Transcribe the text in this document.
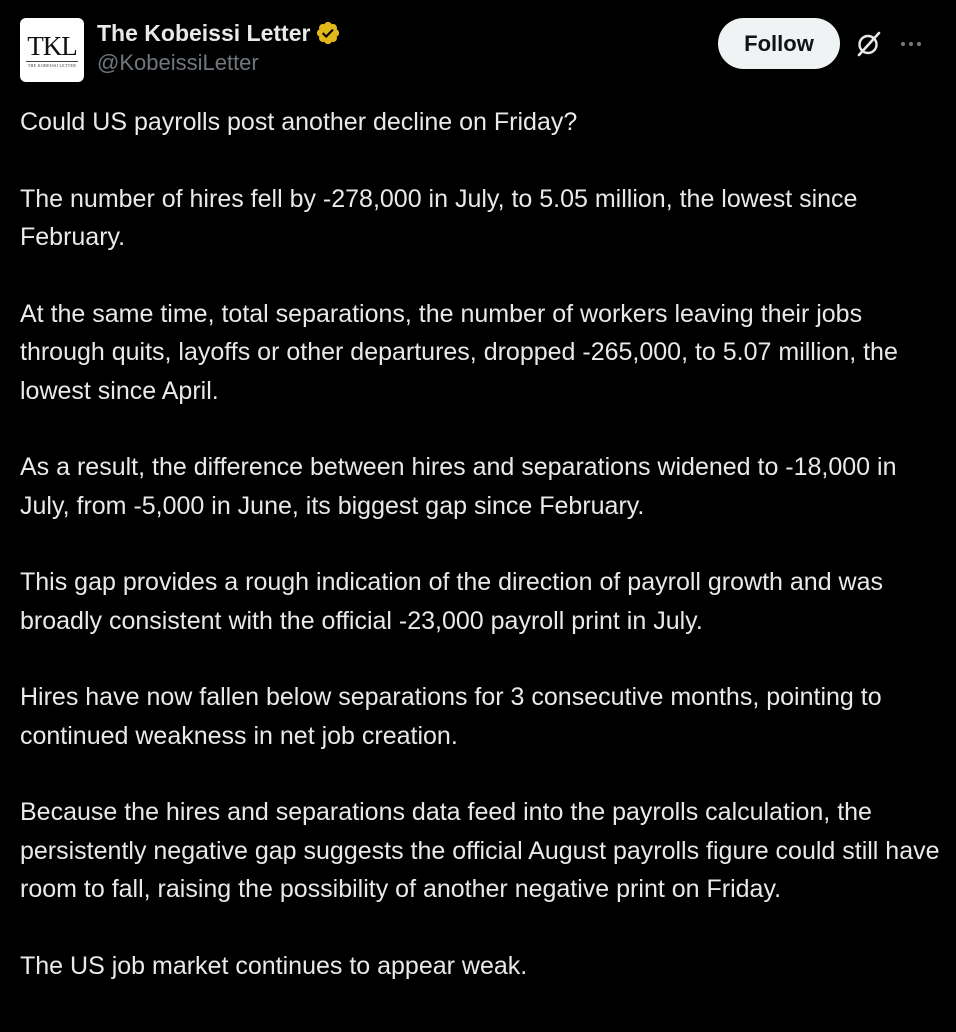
TKL
THE KOBEISSI LETTER
The Kobeissi Letter
@KobeissiLetter
Follow

Could US payrolls post another decline on Friday?

The number of hires fell by -278,000 in July, to 5.05 million, the lowest since February.

At the same time, total separations, the number of workers leaving their jobs through quits, layoffs or other departures, dropped -265,000, to 5.07 million, the lowest since April.

As a result, the difference between hires and separations widened to -18,000 in July, from -5,000 in June, its biggest gap since February.

This gap provides a rough indication of the direction of payroll growth and was broadly consistent with the official -23,000 payroll print in July.

Hires have now fallen below separations for 3 consecutive months, pointing to continued weakness in net job creation.

Because the hires and separations data feed into the payrolls calculation, the persistently negative gap suggests the official August payrolls figure could still have room to fall, raising the possibility of another negative print on Friday.

The US job market continues to appear weak.
